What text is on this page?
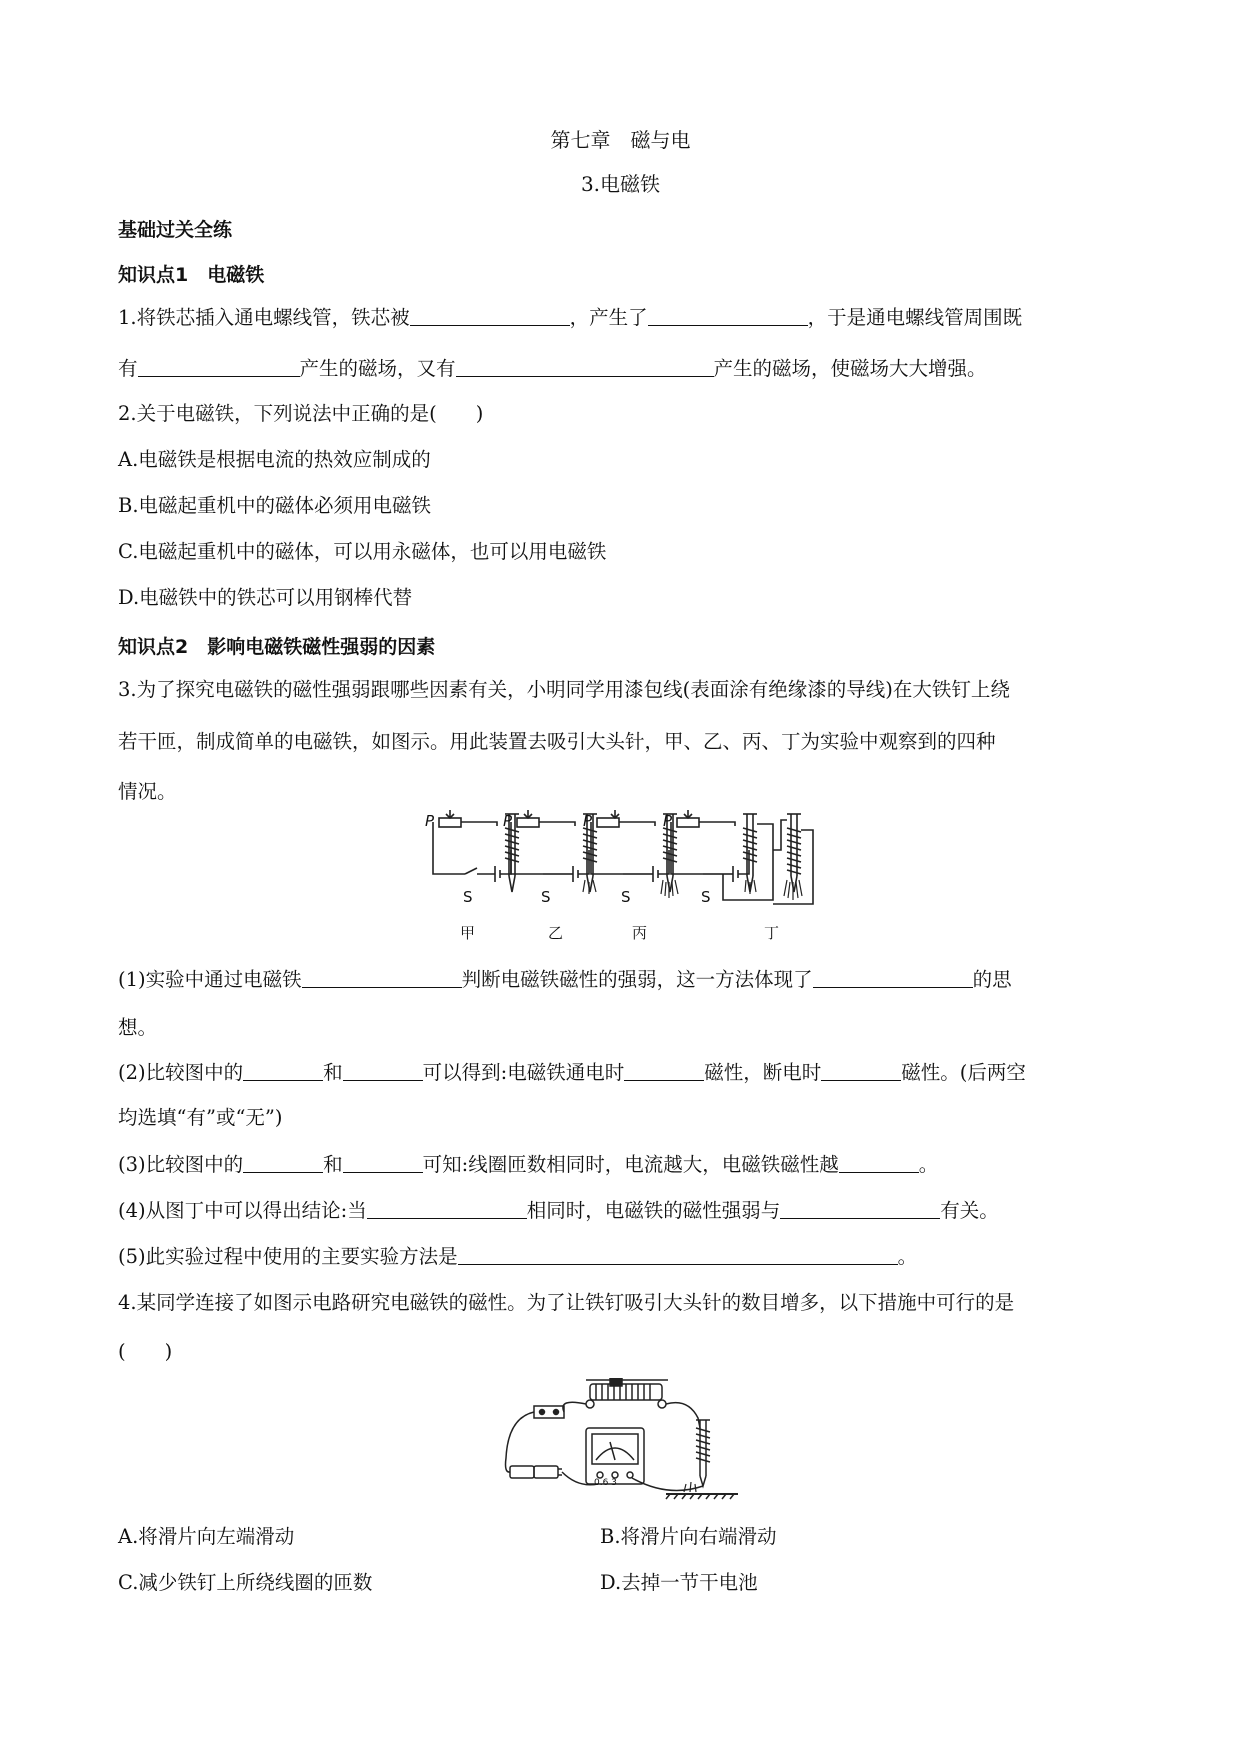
第七章　磁与电
3.电磁铁
基础过关全练
知识点1　电磁铁
1.将铁芯插入通电螺线管，铁芯被	，产生了	，于是通电螺线管周围既
有	产生的磁场，又有	产生的磁场，使磁场大大增强。
2.关于电磁铁，下列说法中正确的是(　　)
A.电磁铁是根据电流的热效应制成的
B.电磁起重机中的磁体必须用电磁铁
C.电磁起重机中的磁体，可以用永磁体，也可以用电磁铁
D.电磁铁中的铁芯可以用钢棒代替
知识点2　影响电磁铁磁性强弱的因素
3.为了探究电磁铁的磁性强弱跟哪些因素有关，小明同学用漆包线(表面涂有绝缘漆的导线)在大铁钉上绕
若干匝，制成简单的电磁铁，如图示。用此装置去吸引大头针，甲、乙、丙、丁为实验中观察到的四种
情况。
P	P	P	P
S	S	S	S
甲	乙	丙	丁
(1)实验中通过电磁铁	判断电磁铁磁性的强弱，这一方法体现了	的思
想。
(2)比较图中的	和	可以得到:电磁铁通电时	磁性，断电时	磁性。(后两空
均选填“有”或“无”)
(3)比较图中的	和	可知:线圈匝数相同时，电流越大，电磁铁磁性越	。
(4)从图丁中可以得出结论:当	相同时，电磁铁的磁性强弱与	有关。
(5)此实验过程中使用的主要实验方法是	。
4.某同学连接了如图示电路研究电磁铁的磁性。为了让铁钉吸引大头针的数目增多，以下措施中可行的是
(　　)
0.6 3
A.将滑片向左端滑动	B.将滑片向右端滑动
C.减少铁钉上所绕线圈的匝数	D.去掉一节干电池
